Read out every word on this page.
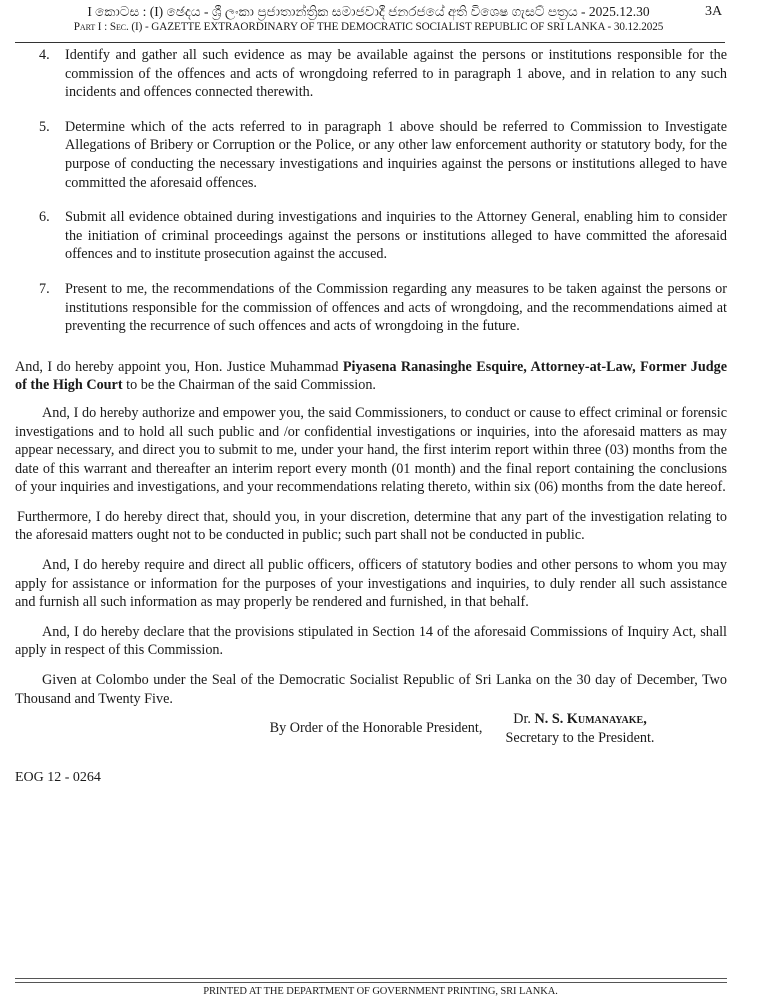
I කොටස : (I) ඡෙදය - ශ්‍රී ලංකා ප්‍රජාතාන්ත්‍රික සමාජවාදී ජනරජයේ අති විශෙෂ ගැසට් පත්‍රය - 2025.12.30
Part I : Sec. (I) - GAZETTE EXTRAORDINARY OF THE DEMOCRATIC SOCIALIST REPUBLIC OF SRI LANKA - 30.12.2025
3A
4. Identify and gather all such evidence as may be available against the persons or institutions responsible for the commission of the offences and acts of wrongdoing referred to in paragraph 1 above, and in relation to any such incidents and offences connected therewith.
5. Determine which of the acts referred to in paragraph 1 above should be referred to Commission to Investigate Allegations of Bribery or Corruption or the Police, or any other law enforcement authority or statutory body, for the purpose of conducting the necessary investigations and inquiries against the persons or institutions alleged to have committed the aforesaid offences.
6. Submit all evidence obtained during investigations and inquiries to the Attorney General, enabling him to consider the initiation of criminal proceedings against the persons or institutions alleged to have committed the aforesaid offences and to institute prosecution against the accused.
7. Present to me, the recommendations of the Commission regarding any measures to be taken against the persons or institutions responsible for the commission of offences and acts of wrongdoing, and the recommendations aimed at preventing the recurrence of such offences and acts of wrongdoing in the future.

And, I do hereby appoint you, Hon. Justice Muhammad Piyasena Ranasinghe Esquire, Attorney-at-Law, Former Judge of the High Court to be the Chairman of the said Commission.

And, I do hereby authorize and empower you, the said Commissioners, to conduct or cause to effect criminal or forensic investigations and to hold all such public and /or confidential investigations or inquiries, into the aforesaid matters as may appear necessary, and direct you to submit to me, under your hand, the first interim report within three (03) months from the date of this warrant and thereafter an interim report every month (01 month) and the final report containing the conclusions of your inquiries and investigations, and your recommendations relating thereto, within six (06) months from the date hereof.

Furthermore, I do hereby direct that, should you, in your discretion, determine that any part of the investigation relating to the aforesaid matters ought not to be conducted in public; such part shall not be conducted in public.

And, I do hereby require and direct all public officers, officers of statutory bodies and other persons to whom you may apply for assistance or information for the purposes of your investigations and inquiries, to duly render all such assistance and furnish all such information as may properly be rendered and furnished, in that behalf.

And, I do hereby declare that the provisions stipulated in Section 14 of the aforesaid Commissions of Inquiry Act, shall apply in respect of this Commission.

Given at Colombo under the Seal of the Democratic Socialist Republic of Sri Lanka on the 30 day of December, Two Thousand and Twenty Five.

By Order of the Honorable President,

Dr. N. S. Kumanayake,
Secretary to the President.
EOG 12 - 0264
PRINTED AT THE DEPARTMENT OF GOVERNMENT PRINTING, SRI LANKA.
